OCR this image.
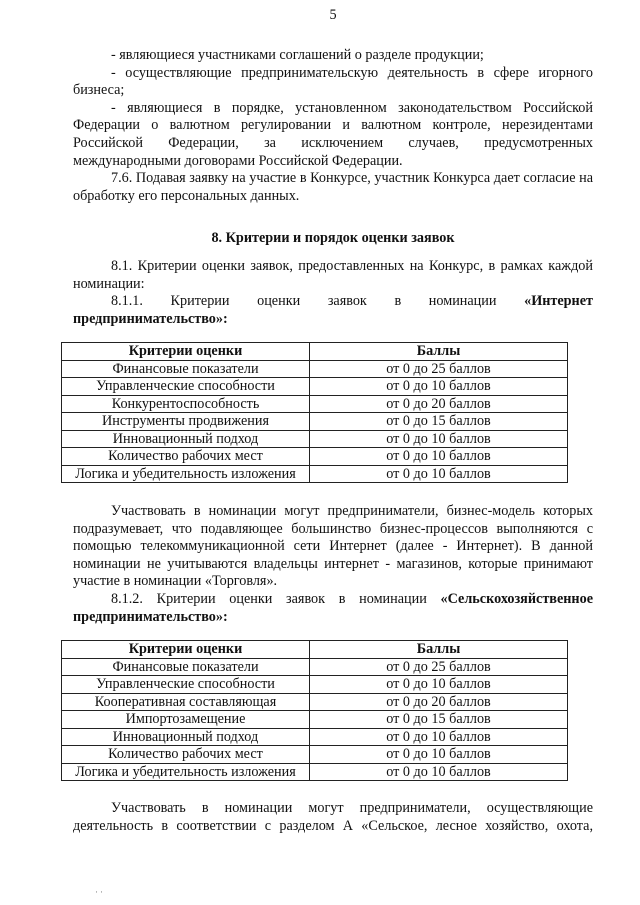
5

- являющиеся участниками соглашений о разделе продукции;

- осуществляющие предпринимательскую деятельность в сфере игорного бизнеса;

- являющиеся в порядке, установленном законодательством Российской Федерации о валютном регулировании и валютном контроле, нерезидентами Российской Федерации, за исключением случаев, предусмотренных международными договорами Российской Федерации.

7.6. Подавая заявку на участие в Конкурсе, участник Конкурса дает согласие на обработку его персональных данных.

8. Критерии и порядок оценки заявок

8.1. Критерии оценки заявок, предоставленных на Конкурс, в рамках каждой номинации:

8.1.1. Критерии оценки заявок в номинации «Интернет предпринимательство»:

Критерии оценки	Баллы
Финансовые показатели	от 0 до 25 баллов
Управленческие способности	от 0 до 10 баллов
Конкурентоспособность	от 0 до 20 баллов
Инструменты продвижения	от 0 до 15 баллов
Инновационный подход	от 0 до 10 баллов
Количество рабочих мест	от 0 до 10 баллов
Логика и убедительность изложения	от 0 до 10 баллов

Участвовать в номинации могут предприниматели, бизнес-модель которых подразумевает, что подавляющее большинство бизнес-процессов выполняются с помощью телекоммуникационной сети Интернет (далее - Интернет). В данной номинации не учитываются владельцы интернет - магазинов, которые принимают участие в номинации «Торговля».

8.1.2. Критерии оценки заявок в номинации «Сельскохозяйственное предпринимательство»:

Критерии оценки	Баллы
Финансовые показатели	от 0 до 25 баллов
Управленческие способности	от 0 до 10 баллов
Кооперативная составляющая	от 0 до 20 баллов
Импортозамещение	от 0 до 15 баллов
Инновационный подход	от 0 до 10 баллов
Количество рабочих мест	от 0 до 10 баллов
Логика и убедительность изложения	от 0 до 10 баллов

Участвовать в номинации могут предприниматели, осуществляющие деятельность в соответствии с разделом А «Сельское, лесное хозяйство, охота,

··
